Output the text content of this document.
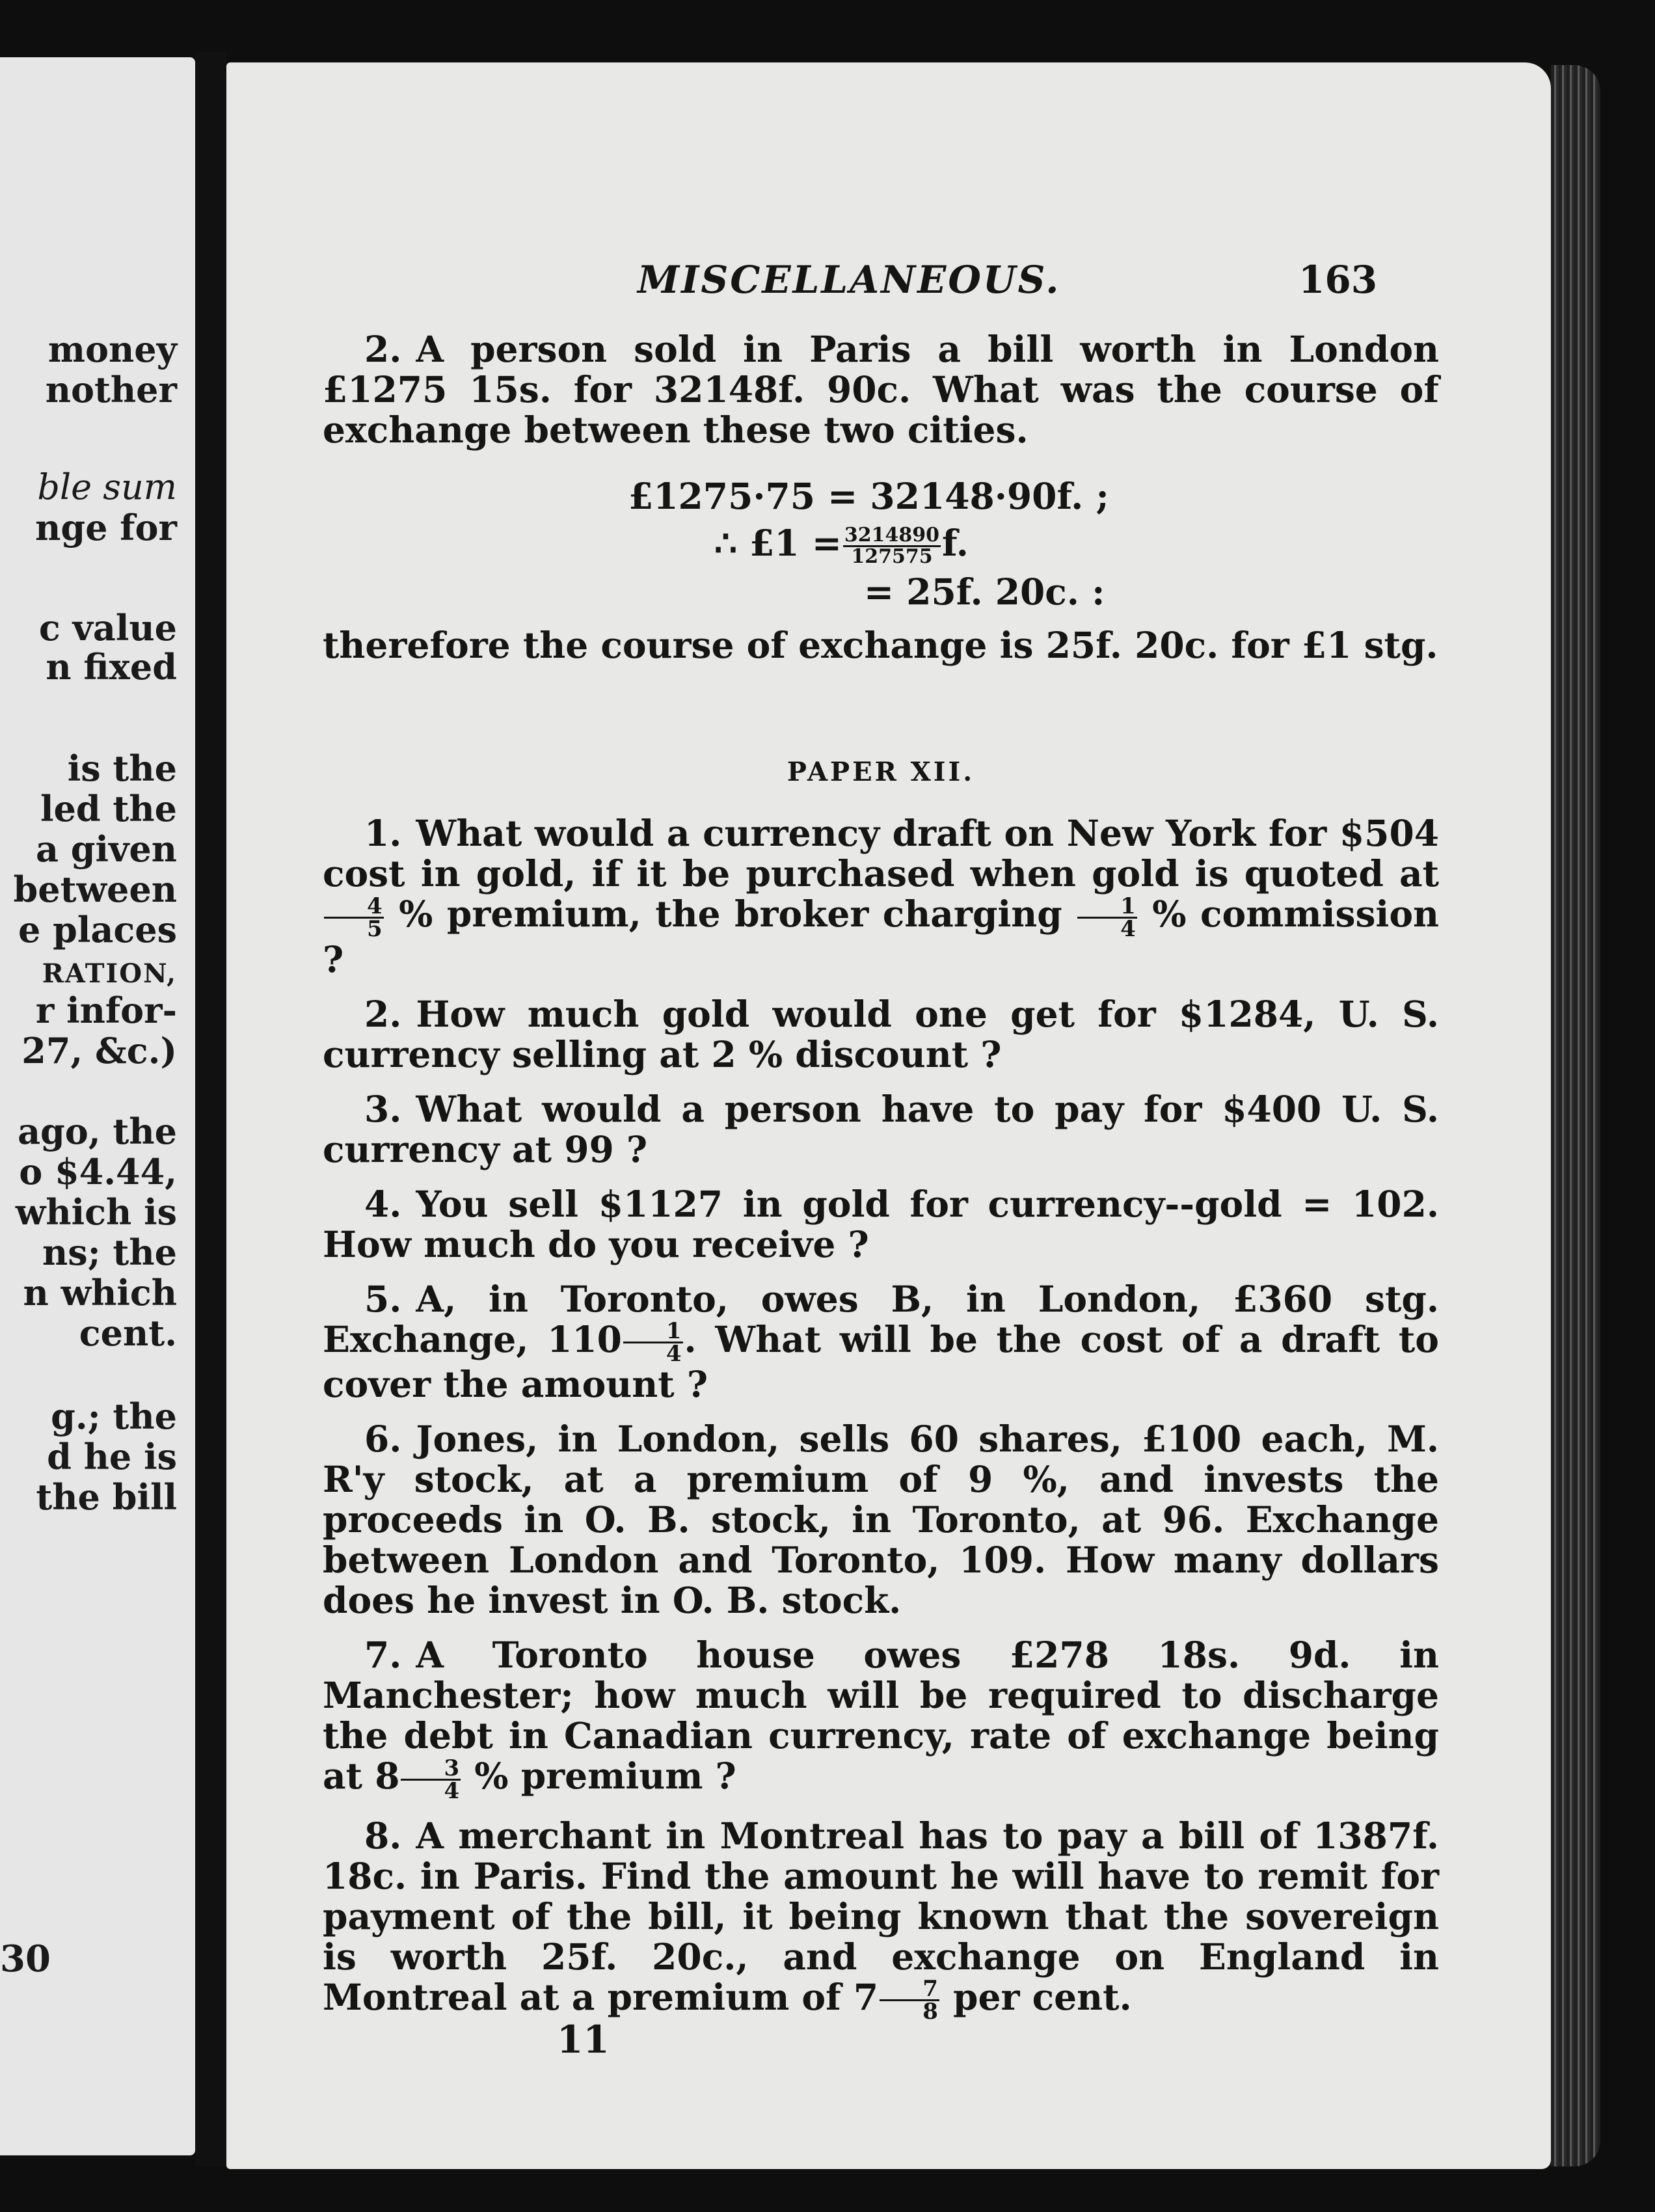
money
nother
ble sum
nge for
c value
n fixed
is the
led the
a given
between
e places
RATION,
r infor-
27, &c.)
ago, the
o $4.44,
which is
ns; the
n which
cent.
g.; the
d he is
the bill
30
MISCELLANEOUS.	163

2. A person sold in Paris a bill worth in London £1275 15s. for 32148f. 90c. What was the course of exchange between these two cities.

£1275·75 = 32148·90f. ;
∴ £1 = $\frac{3214890}{127575} f$.
= 25f. 20c. :

therefore the course of exchange is 25f. 20c. for £1 stg.

PAPER XII.

1. What would a currency draft on New York for $504 cost in gold, if it be purchased when gold is quoted at
$\frac{4}{5}$ % premium, the broker charging $\frac{1}{4}$ % commission ?

2. How much gold would one get for $1284, U. S. currency selling at 2 % discount ?

3. What would a person have to pay for $400 U. S. currency at 99 ?

4. You sell $1127 in gold for currency--gold = 102. How much do you receive ?

5. A, in Toronto, owes B, in London, £360 stg. Exchange, $110 \frac{1}{4}$ . What will be the cost of a draft to cover the amount ?

6. Jones, in London, sells 60 shares, £100 each, M. R'y stock, at a premium of 9 %, and invests the proceeds in O. B. stock, in Toronto, at 96. Exchange between London and Toronto, 109. How many dollars does he invest in O. B. stock.

7. A Toronto house owes £278 18s. 9d. in Manchester; how much will be required to discharge the debt in Canadian currency, rate of exchange being at $8 \frac{3}{4}$ % premium ?

8. A merchant in Montreal has to pay a bill of 1387f. 18c. in Paris. Find the amount he will have to remit for payment of the bill, it being known that the sovereign is worth 25f. 20c., and exchange on England in Montreal at a premium of $7 \frac{7}{8}$ per cent.

11
